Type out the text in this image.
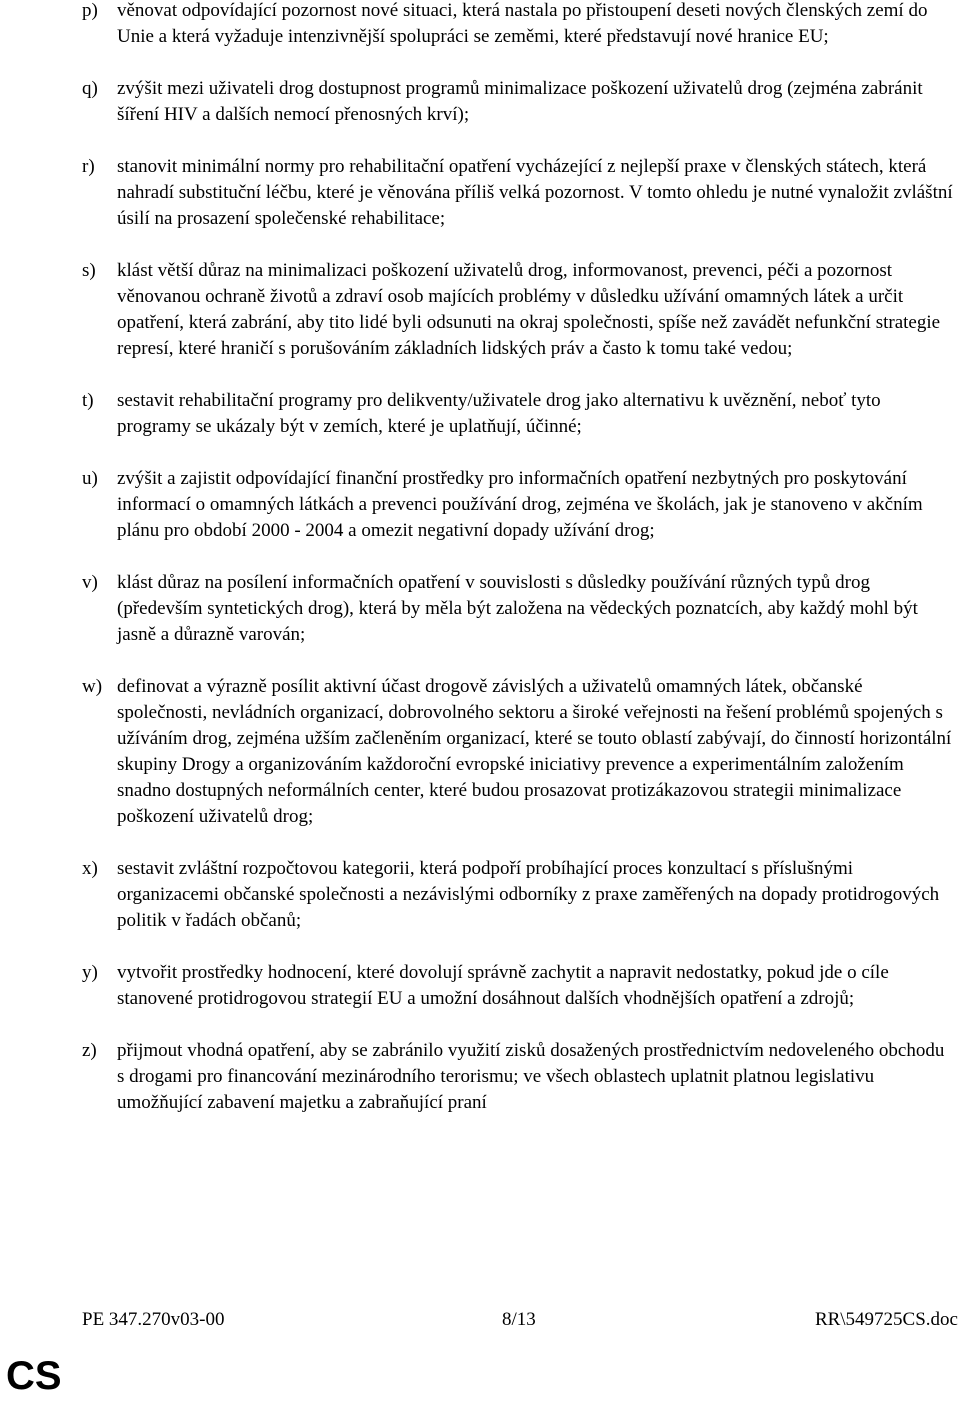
p)	věnovat odpovídající pozornost nové situaci, která nastala po přistoupení deseti nových členských zemí do Unie a která vyžaduje intenzivnější spolupráci se zeměmi, které představují nové hranice EU;
q)	zvýšit mezi uživateli drog dostupnost programů minimalizace poškození uživatelů drog (zejména zabránit šíření HIV a dalších nemocí přenosných krví);
r)	stanovit minimální normy pro rehabilitační opatření vycházející z nejlepší praxe v členských státech, která nahradí substituční léčbu, které je věnována příliš velká pozornost. V tomto ohledu je nutné vynaložit zvláštní úsilí na prosazení společenské rehabilitace;
s)	klást větší důraz na minimalizaci poškození uživatelů drog, informovanost, prevenci, péči a pozornost věnovanou ochraně životů a zdraví osob majících problémy v důsledku užívání omamných látek a určit opatření, která zabrání, aby tito lidé byli odsunuti na okraj společnosti, spíše než zavádět nefunkční strategie represí, které hraničí s porušováním základních lidských práv a často k tomu také vedou;
t)	sestavit rehabilitační programy pro delikventy/uživatele drog jako alternativu k uvěznění, neboť tyto programy se ukázaly být v zemích, které je uplatňují, účinné;
u)	zvýšit a zajistit odpovídající finanční prostředky pro informačních opatření nezbytných pro poskytování informací o omamných látkách a prevenci používání drog, zejména ve školách, jak je stanoveno v akčním plánu pro období 2000 - 2004 a omezit negativní dopady užívání drog;
v)	klást důraz na posílení informačních opatření v souvislosti s důsledky používání různých typů drog (především syntetických drog), která by měla být založena na vědeckých poznatcích, aby každý mohl být jasně a důrazně varován;
w) definovat a výrazně posílit aktivní účast drogově závislých a uživatelů omamných látek, občanské společnosti, nevládních organizací, dobrovolného sektoru a široké veřejnosti na řešení problémů spojených s užíváním drog, zejména užším začleněním organizací, které se touto oblastí zabývají, do činností horizontální skupiny Drogy a organizováním každoroční evropské iniciativy prevence a experimentálním založením snadno dostupných neformálních center, které budou prosazovat protizákazovou strategii minimalizace poškození uživatelů drog;
x)	sestavit zvláštní rozpočtovou kategorii, která podpoří probíhající proces konzultací s příslušnými organizacemi občanské společnosti a nezávislými odborníky z praxe zaměřených na dopady protidrogových politik v řadách občanů;
y)	vytvořit prostředky hodnocení, které dovolují správně zachytit a napravit nedostatky, pokud jde o cíle stanovené protidrogovou strategií EU a umožní dosáhnout dalších vhodnějších opatření a zdrojů;
z)	přijmout vhodná opatření, aby se zabránilo využití zisků dosažených prostřednictvím nedoveleného obchodu s drogami pro financování mezinárodního terorismu; ve všech oblastech uplatnit platnou legislativu umožňující zabavení majetku a zabraňující praní
PE 347.270v03-00	8/13	RR\549725CS.doc
CS
